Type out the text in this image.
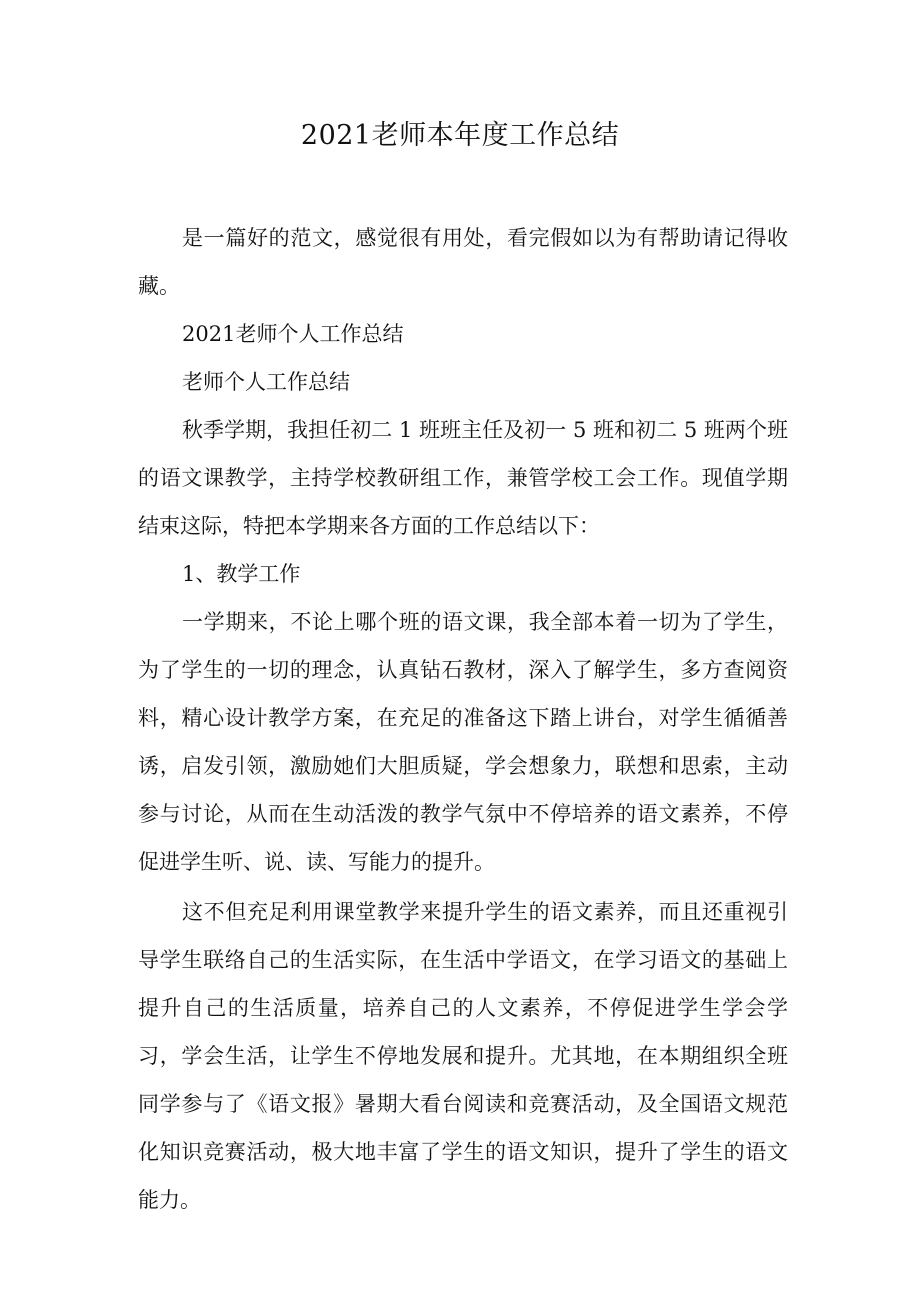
2021老师本年度工作总结

是一篇好的范文，感觉很有用处，看完假如以为有帮助请记得收藏。

2021老师个人工作总结

老师个人工作总结

秋季学期，我担任初二 1 班班主任及初一 5 班和初二 5 班两个班的语文课教学，主持学校教研组工作，兼管学校工会工作。现值学期结束这际，特把本学期来各方面的工作总结以下：

1、教学工作

一学期来，不论上哪个班的语文课，我全部本着一切为了学生，为了学生的一切的理念，认真钻石教材，深入了解学生，多方查阅资料，精心设计教学方案，在充足的准备这下踏上讲台，对学生循循善诱，启发引领，激励她们大胆质疑，学会想象力，联想和思索，主动参与讨论，从而在生动活泼的教学气氛中不停培养的语文素养，不停促进学生听、说、读、写能力的提升。

这不但充足利用课堂教学来提升学生的语文素养，而且还重视引导学生联络自己的生活实际，在生活中学语文，在学习语文的基础上提升自己的生活质量，培养自己的人文素养，不停促进学生学会学习，学会生活，让学生不停地发展和提升。尤其地，在本期组织全班同学参与了《语文报》暑期大看台阅读和竞赛活动，及全国语文规范化知识竞赛活动，极大地丰富了学生的语文知识，提升了学生的语文能力。
